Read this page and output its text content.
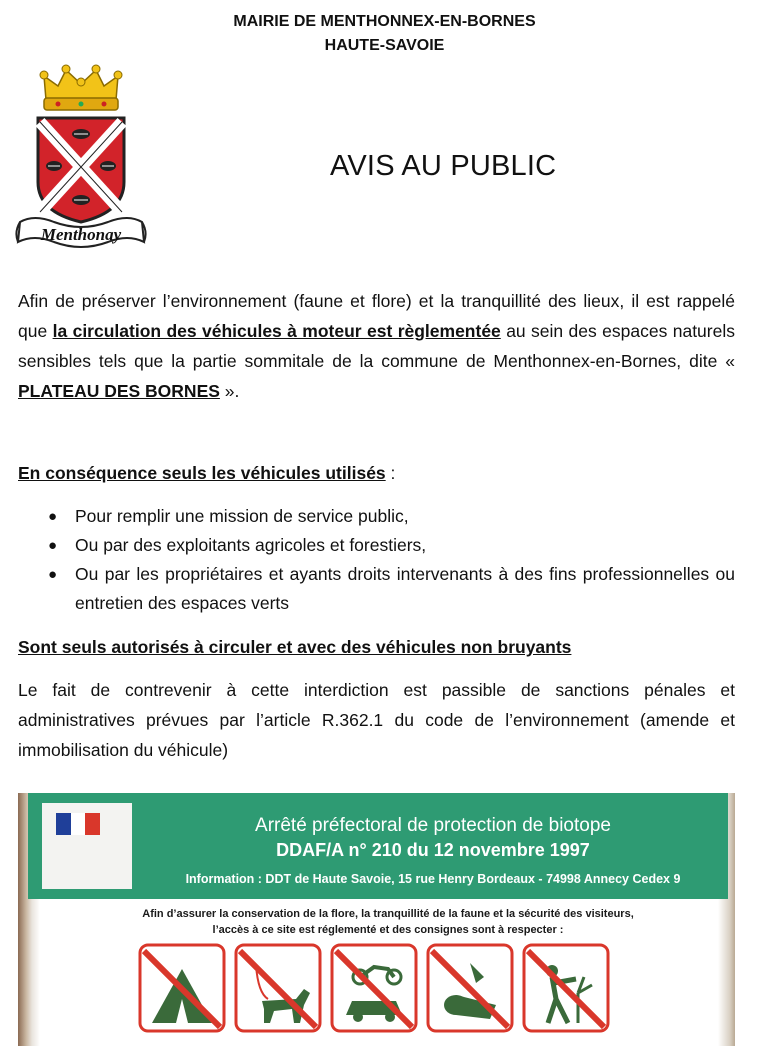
MAIRIE DE MENTHONNEX-EN-BORNES
HAUTE-SAVOIE
Menthonay
AVIS AU PUBLIC
Afin de préserver l’environnement (faune et flore) et la tranquillité des lieux, il est rappelé que la circulation des véhicules à moteur est règlementée au sein des espaces naturels sensibles tels que la partie sommitale de la commune de Menthonnex-en-Bornes, dite « PLATEAU DES BORNES ».
En conséquence seuls les véhicules utilisés :
● Pour remplir une mission de service public,
● Ou par des exploitants agricoles et forestiers,
● Ou par les propriétaires et ayants droits intervenants à des fins professionnelles ou entretien des espaces verts
Sont seuls autorisés à circuler et avec des véhicules non bruyants
Le fait de contrevenir à cette interdiction est passible de sanctions pénales et administratives prévues par l’article R.362.1 du code de l’environnement (amende et immobilisation du véhicule)

Arrêté préfectoral de protection de biotope
DDAF/A n° 210 du 12 novembre 1997
Information : DDT de Haute Savoie, 15 rue Henry Bordeaux - 74998 Annecy Cedex 9
Afin d’assurer la conservation de la flore, la tranquillité de la faune et la sécurité des visiteurs,
l’accès à ce site est réglementé et des consignes sont à respecter :
